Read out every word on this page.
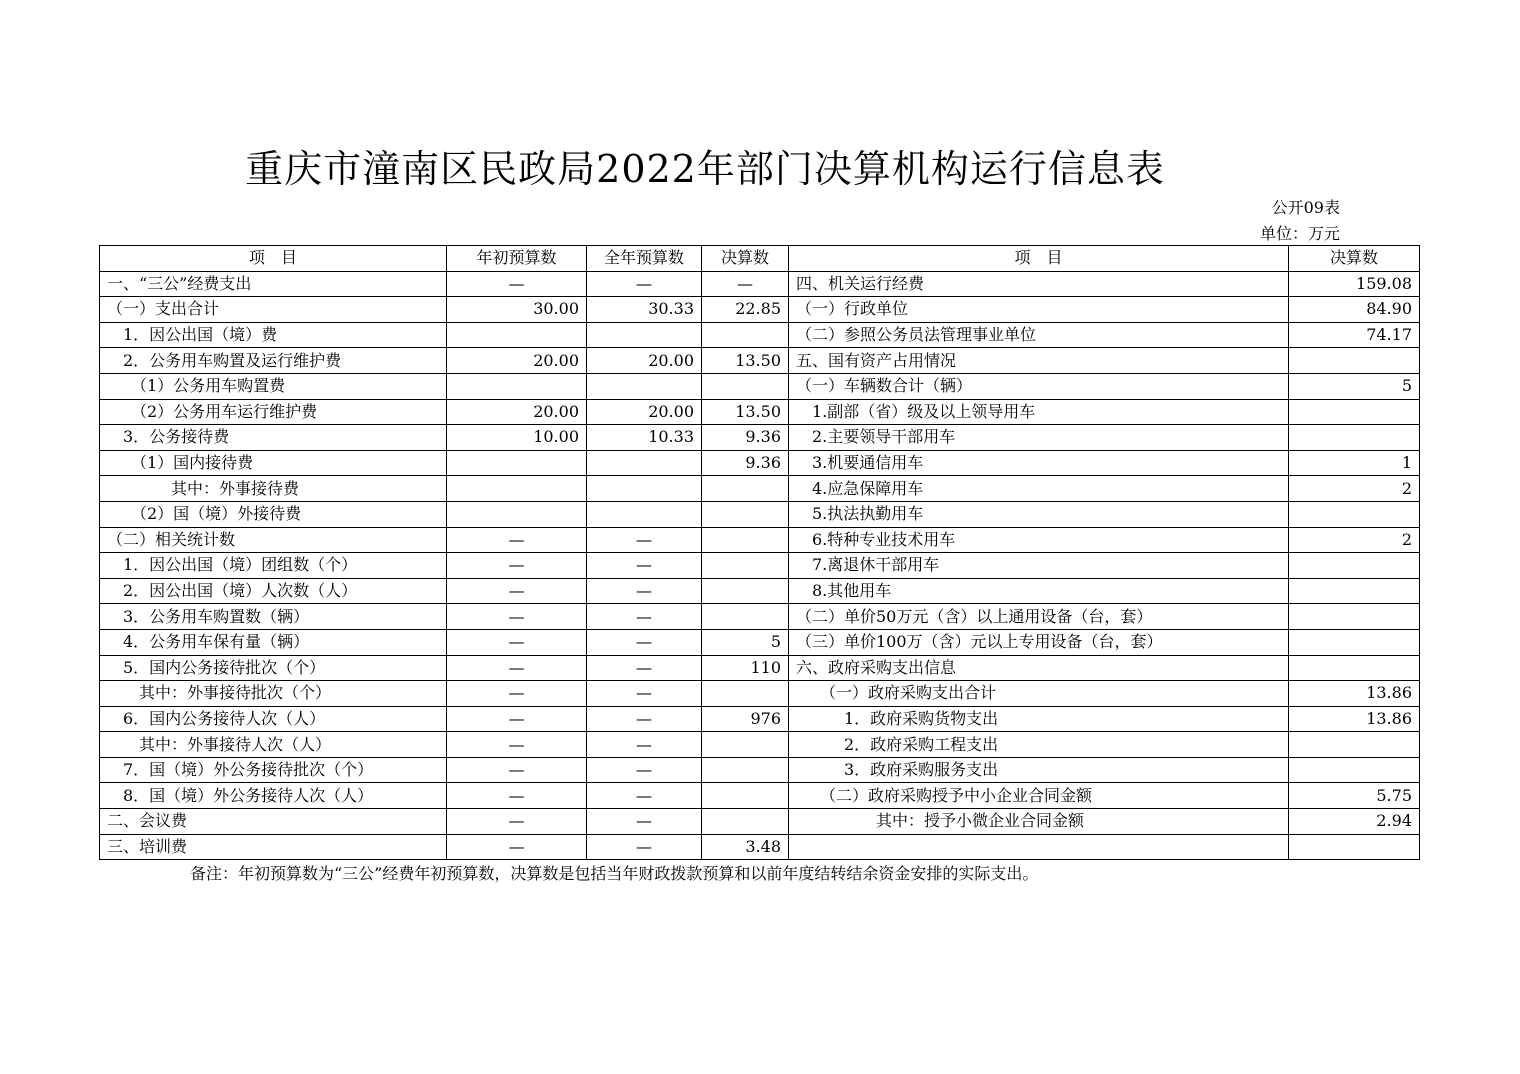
重庆市潼南区民政局2022年部门决算机构运行信息表
公开09表
单位：万元
项　目	年初预算数	全年预算数	决算数	项　目	决算数
一、“三公”经费支出	—	—	—	四、机关运行经费	159.08
（一）支出合计	30.00	30.33	22.85	（一）行政单位	84.90
　1．因公出国（境）费				（二）参照公务员法管理事业单位	74.17
　2．公务用车购置及运行维护费	20.00	20.00	13.50	五、国有资产占用情况	
　　（1）公务用车购置费				（一）车辆数合计（辆）	5
　　（2）公务用车运行维护费	20.00	20.00	13.50	　1.副部（省）级及以上领导用车	
　3．公务接待费	10.00	10.33	9.36	　2.主要领导干部用车	
　　（1）国内接待费			9.36	　3.机要通信用车	1
　　　　其中：外事接待费				　4.应急保障用车	2
　　（2）国（境）外接待费				　5.执法执勤用车	
（二）相关统计数	—	—		　6.特种专业技术用车	2
　1．因公出国（境）团组数（个）	—	—		　7.离退休干部用车	
　2．因公出国（境）人次数（人）	—	—		　8.其他用车	
　3．公务用车购置数（辆）	—	—		（二）单价50万元（含）以上通用设备（台，套）	
　4．公务用车保有量（辆）	—	—	5	（三）单价100万（含）元以上专用设备（台，套）	
　5．国内公务接待批次（个）	—	—	110	六、政府采购支出信息	
　　其中：外事接待批次（个）	—	—		　　（一）政府采购支出合计	13.86
　6．国内公务接待人次（人）	—	—	976	　　　1．政府采购货物支出	13.86
　　其中：外事接待人次（人）	—	—		　　　2．政府采购工程支出	
　7．国（境）外公务接待批次（个）	—	—		　　　3．政府采购服务支出	
　8．国（境）外公务接待人次（人）	—	—		　　（二）政府采购授予中小企业合同金额	5.75
二、会议费	—	—		　　　　　其中：授予小微企业合同金额	2.94
三、培训费	—	—	3.48		
备注：年初预算数为“三公”经费年初预算数，决算数是包括当年财政拨款预算和以前年度结转结余资金安排的实际支出。
